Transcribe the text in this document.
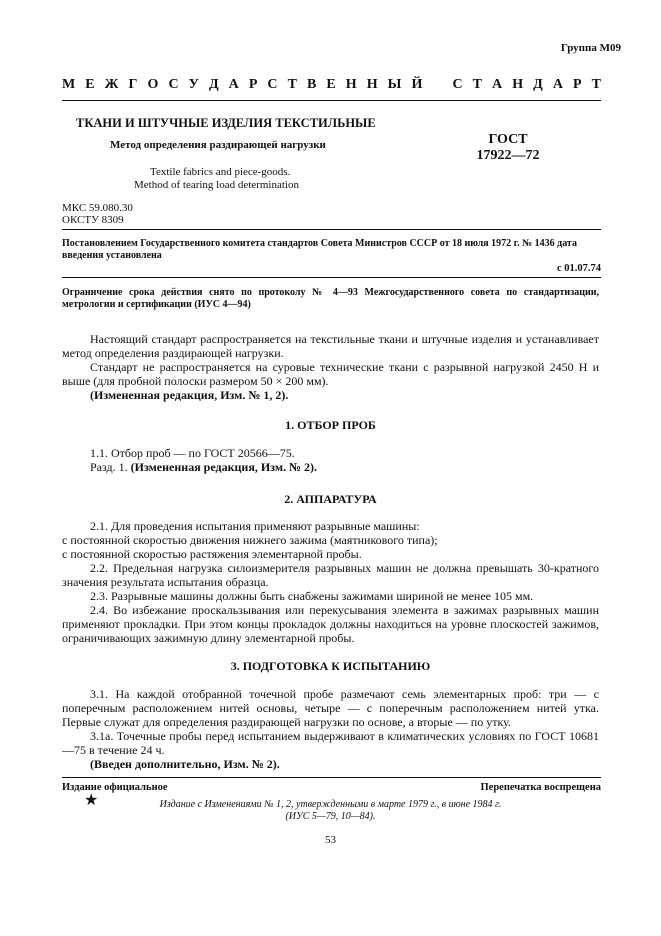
Группа М09
М Е Ж Г О С У Д А Р С Т В Е Н Н Ы Й С Т А Н Д А Р Т
ТКАНИ И ШТУЧНЫЕ ИЗДЕЛИЯ ТЕКСТИЛЬНЫЕ
Метод определения раздирающей нагрузки	ГОСТ
17922—72
Textile fabrics and piece-goods.
Method of tearing load determination
МКС 59.080.30
ОКСТУ 8309
Постановлением Государственного комитета стандартов Совета Министров СССР от 18 июля 1972 г. № 1436 дата введения установлена
с 01.07.74
Ограничение срока действия снято по протоколу № 4—93 Межгосударственного совета по стандартизации, метрологии и сертификации (ИУС 4—94)

Настоящий стандарт распространяется на текстильные ткани и штучные изделия и устанавливает метод определения раздирающей нагрузки.

Стандарт не распространяется на суровые технические ткани с разрывной нагрузкой 2450 Н и выше (для пробной полоски размером 50 × 200 мм).

(Измененная редакция, Изм. № 1, 2).

1. ОТБОР ПРОБ

1.1. Отбор проб — по ГОСТ 20566—75.

Разд. 1. (Измененная редакция, Изм. № 2).

2. АППАРАТУРА

2.1. Для проведения испытания применяют разрывные машины:

с постоянной скоростью движения нижнего зажима (маятникового типа);

с постоянной скоростью растяжения элементарной пробы.

2.2. Предельная нагрузка силоизмерителя разрывных машин не должна превышать 30-кратного значения результата испытания образца.

2.3. Разрывные машины должны быть снабжены зажимами шириной не менее 105 мм.

2.4. Во избежание проскальзывания или перекусывания элемента в зажимах разрывных машин применяют прокладки. При этом концы прокладок должны находиться на уровне плоскостей зажимов, ограничивающих зажимную длину элементарной пробы.

3. ПОДГОТОВКА К ИСПЫТАНИЮ

3.1. На каждой отобранной точечной пробе размечают семь элементарных проб: три — с поперечным расположением нитей основы, четыре — с поперечным расположением нитей утка. Первые служат для определения раздирающей нагрузки по основе, а вторые — по утку.

3.1а. Точечные пробы перед испытанием выдерживают в климатических условиях по ГОСТ 10681—75 в течение 24 ч.

(Введен дополнительно, Изм. № 2).

Издание официальное	Перепечатка воспрещена
★	Издание с Изменениями № 1, 2, утвержденными в марте 1979 г., в июне 1984 г.
(ИУС 5—79, 10—84).
53
